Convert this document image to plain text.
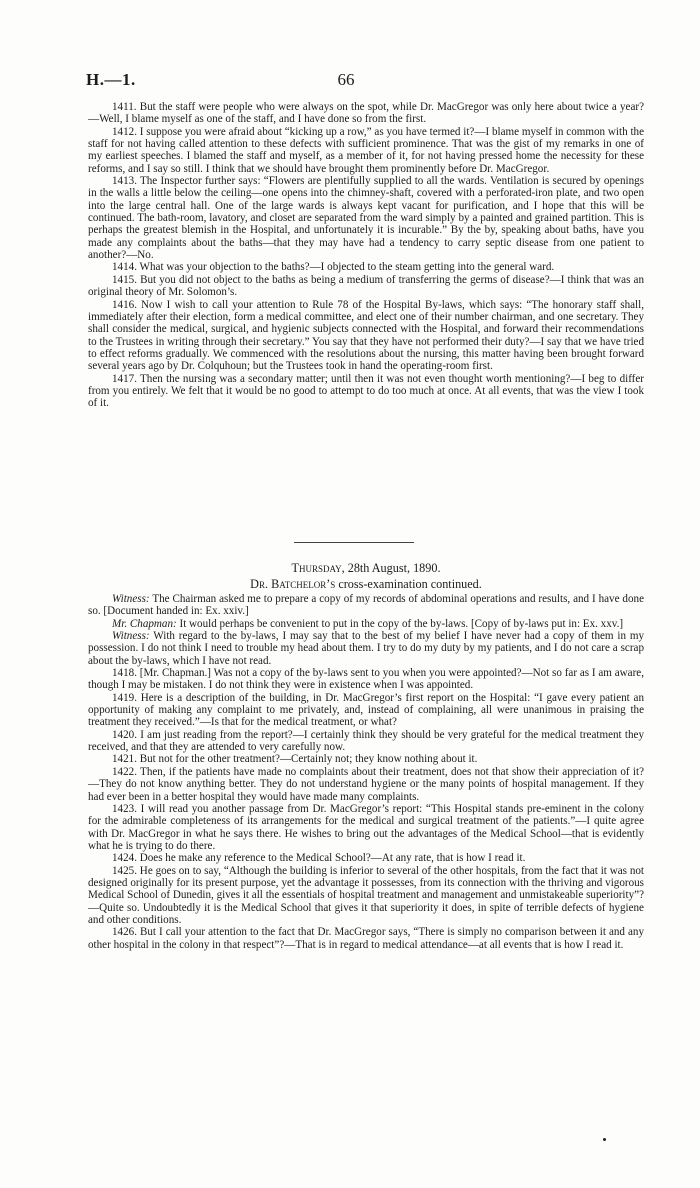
H.—1.	66

1411. But the staff were people who were always on the spot, while Dr. MacGregor was only here about twice a year?—Well, I blame myself as one of the staff, and I have done so from the first.

1412. I suppose you were afraid about “kicking up a row,” as you have termed it?—I blame myself in common with the staff for not having called attention to these defects with sufficient prominence. That was the gist of my remarks in one of my earliest speeches. I blamed the staff and myself, as a member of it, for not having pressed home the necessity for these reforms, and I say so still. I think that we should have brought them prominently before Dr. MacGregor.

1413. The Inspector further says: “Flowers are plentifully supplied to all the wards. Ventilation is secured by openings in the walls a little below the ceiling—one opens into the chimney-shaft, covered with a perforated-iron plate, and two open into the large central hall. One of the large wards is always kept vacant for purification, and I hope that this will be continued. The bath-room, lavatory, and closet are separated from the ward simply by a painted and grained partition. This is perhaps the greatest blemish in the Hospital, and unfortunately it is incurable.” By the by, speaking about baths, have you made any complaints about the baths—that they may have had a tendency to carry septic disease from one patient to another?—No.

1414. What was your objection to the baths?—I objected to the steam getting into the general ward.

1415. But you did not object to the baths as being a medium of transferring the germs of disease?—I think that was an original theory of Mr. Solomon’s.

1416. Now I wish to call your attention to Rule 78 of the Hospital By-laws, which says: “The honorary staff shall, immediately after their election, form a medical committee, and elect one of their number chairman, and one secretary. They shall consider the medical, surgical, and hygienic subjects connected with the Hospital, and forward their recommendations to the Trustees in writing through their secretary.” You say that they have not performed their duty?—I say that we have tried to effect reforms gradually. We commenced with the resolutions about the nursing, this matter having been brought forward several years ago by Dr. Colquhoun; but the Trustees took in hand the operating-room first.

1417. Then the nursing was a secondary matter; until then it was not even thought worth mentioning?—I beg to differ from you entirely. We felt that it would be no good to attempt to do too much at once. At all events, that was the view I took of it.

Thursday, 28th August, 1890.

Dr. Batchelor’s cross-examination continued.

Witness: The Chairman asked me to prepare a copy of my records of abdominal operations and results, and I have done so. [Document handed in: Ex. xxiv.]

Mr. Chapman: It would perhaps be convenient to put in the copy of the by-laws. [Copy of by-laws put in: Ex. xxv.]

Witness: With regard to the by-laws, I may say that to the best of my belief I have never had a copy of them in my possession. I do not think I need to trouble my head about them. I try to do my duty by my patients, and I do not care a scrap about the by-laws, which I have not read.

1418. [Mr. Chapman.] Was not a copy of the by-laws sent to you when you were appointed?—Not so far as I am aware, though I may be mistaken. I do not think they were in existence when I was appointed.

1419. Here is a description of the building, in Dr. MacGregor’s first report on the Hospital: “I gave every patient an opportunity of making any complaint to me privately, and, instead of complaining, all were unanimous in praising the treatment they received.”—Is that for the medical treatment, or what?

1420. I am just reading from the report?—I certainly think they should be very grateful for the medical treatment they received, and that they are attended to very carefully now.

1421. But not for the other treatment?—Certainly not; they know nothing about it.

1422. Then, if the patients have made no complaints about their treatment, does not that show their appreciation of it?—They do not know anything better. They do not understand hygiene or the many points of hospital management. If they had ever been in a better hospital they would have made many complaints.

1423. I will read you another passage from Dr. MacGregor’s report: “This Hospital stands pre-eminent in the colony for the admirable completeness of its arrangements for the medical and surgical treatment of the patients.”—I quite agree with Dr. MacGregor in what he says there. He wishes to bring out the advantages of the Medical School—that is evidently what he is trying to do there.

1424. Does he make any reference to the Medical School?—At any rate, that is how I read it.

1425. He goes on to say, “Although the building is inferior to several of the other hospitals, from the fact that it was not designed originally for its present purpose, yet the advantage it possesses, from its connection with the thriving and vigorous Medical School of Dunedin, gives it all the essentials of hospital treatment and management and unmistakeable superiority”?—Quite so. Undoubtedly it is the Medical School that gives it that superiority it does, in spite of terrible defects of hygiene and other conditions.

1426. But I call your attention to the fact that Dr. MacGregor says, “There is simply no comparison between it and any other hospital in the colony in that respect”?—That is in regard to medical attendance—at all events that is how I read it.
